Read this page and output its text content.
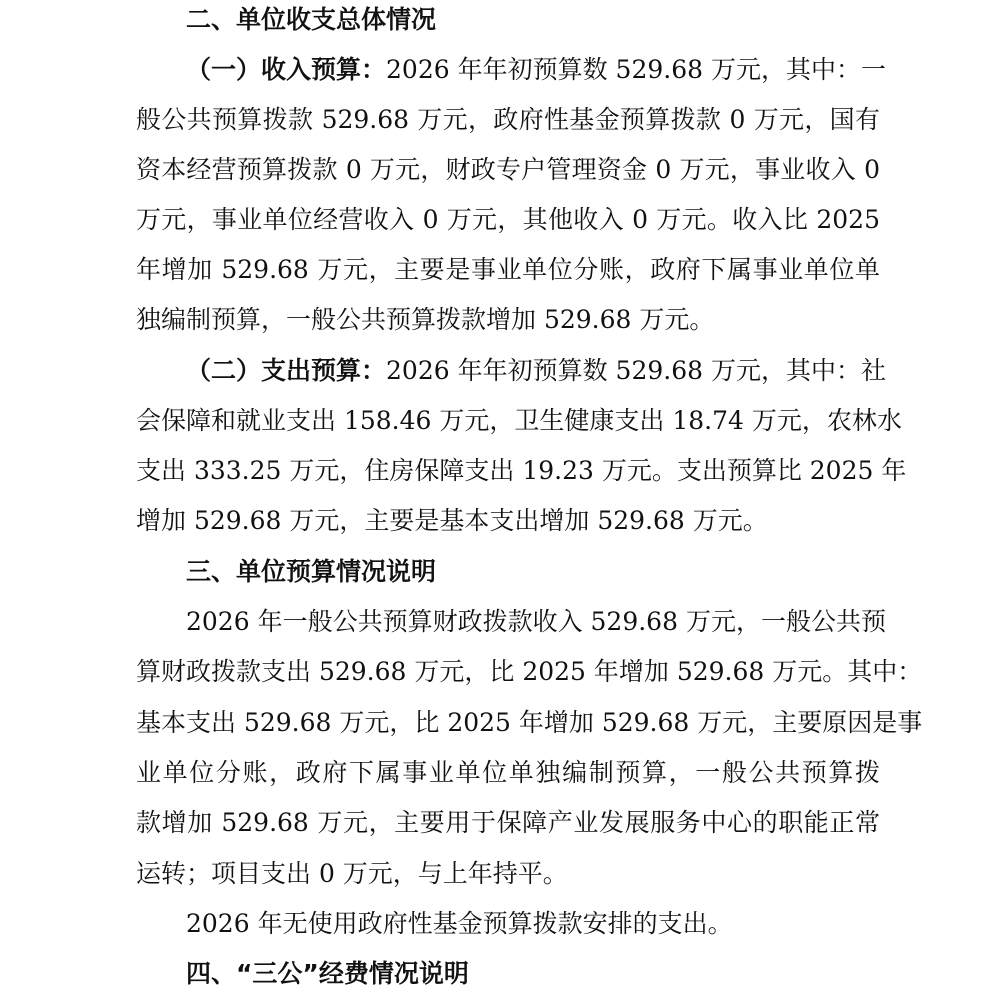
二、单位收支总体情况
（一）收入预算：2026 年年初预算数 529.68 万元，其中：一
般公共预算拨款 529.68 万元，政府性基金预算拨款 0 万元，国有
资本经营预算拨款 0 万元，财政专户管理资金 0 万元，事业收入 0
万元，事业单位经营收入 0 万元，其他收入 0 万元。收入比 2025
年增加 529.68 万元，主要是事业单位分账，政府下属事业单位单
独编制预算，一般公共预算拨款增加 529.68 万元。
（二）支出预算：2026 年年初预算数 529.68 万元，其中：社
会保障和就业支出 158.46 万元，卫生健康支出 18.74 万元，农林水
支出 333.25 万元，住房保障支出 19.23 万元。支出预算比 2025 年
增加 529.68 万元，主要是基本支出增加 529.68 万元。
三、单位预算情况说明
2026 年一般公共预算财政拨款收入 529.68 万元，一般公共预
算财政拨款支出 529.68 万元，比 2025 年增加 529.68 万元。其中：
基本支出 529.68 万元，比 2025 年增加 529.68 万元，主要原因是事
业单位分账，政府下属事业单位单独编制预算，一般公共预算拨
款增加 529.68 万元，主要用于保障产业发展服务中心的职能正常
运转；项目支出 0 万元，与上年持平。
2026 年无使用政府性基金预算拨款安排的支出。
四、“三公”经费情况说明
